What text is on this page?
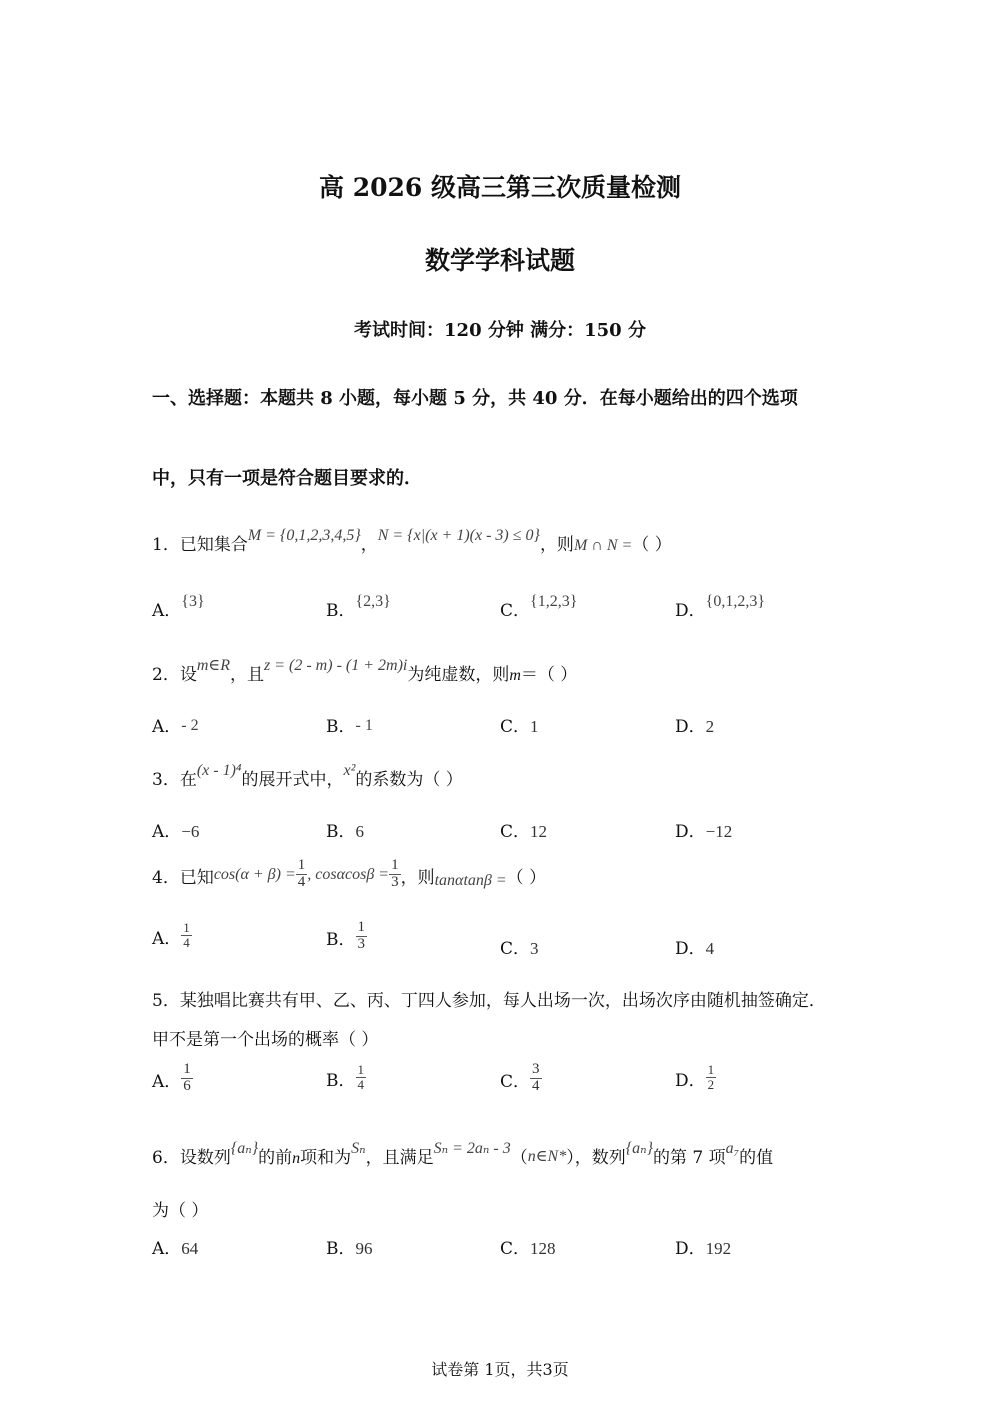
高 2026 级高三第三次质量检测
数学学科试题
考试时间：120 分钟 满分：150 分
一、选择题：本题共 8 小题，每小题 5 分，共 40 分．在每小题给出的四个选项
中，只有一项是符合题目要求的．
1．已知集合M = {0,1,2,3,4,5}，N = {x|(x + 1)(x - 3) ≤ 0}，则M ∩ N =（ ）
A．{3}	B．{2,3}	C．{1,2,3}	D．{0,1,2,3}
2．设m∈R，且z = (2 - m) - (1 + 2m)i为纯虚数，则m＝（ ）
A．- 2	B．- 1	C．1	D．2
3．在(x - 1)⁴的展开式中，x²的系数为（ ）
A．−6	B．6	C．12	D．−12
4．已知$\cos(\alpha + \beta) = \frac{1}{4}$ , $\cos\alpha\cos\beta = \frac{1}{3}$ ，则tanαtanβ =（ ）
A． $\frac{1}{4}$	B． $\frac{1}{3}$	C．3	D．4
5．某独唱比赛共有甲、乙、丙、丁四人参加，每人出场一次，出场次序由随机抽签确定．
甲不是第一个出场的概率（ ）
A． $\frac{1}{6}$	B． $\frac{1}{4}$	C． $\frac{3}{4}$	D． $\frac{1}{2}$
6．设数列{aₙ}的前n项和为Sₙ，且满足Sₙ = 2aₙ - 3（n∈N*），数列{aₙ}的第 7 项a₇的值
为（ ）
A．64	B．96	C．128	D．192
试卷第 1页，共3页
